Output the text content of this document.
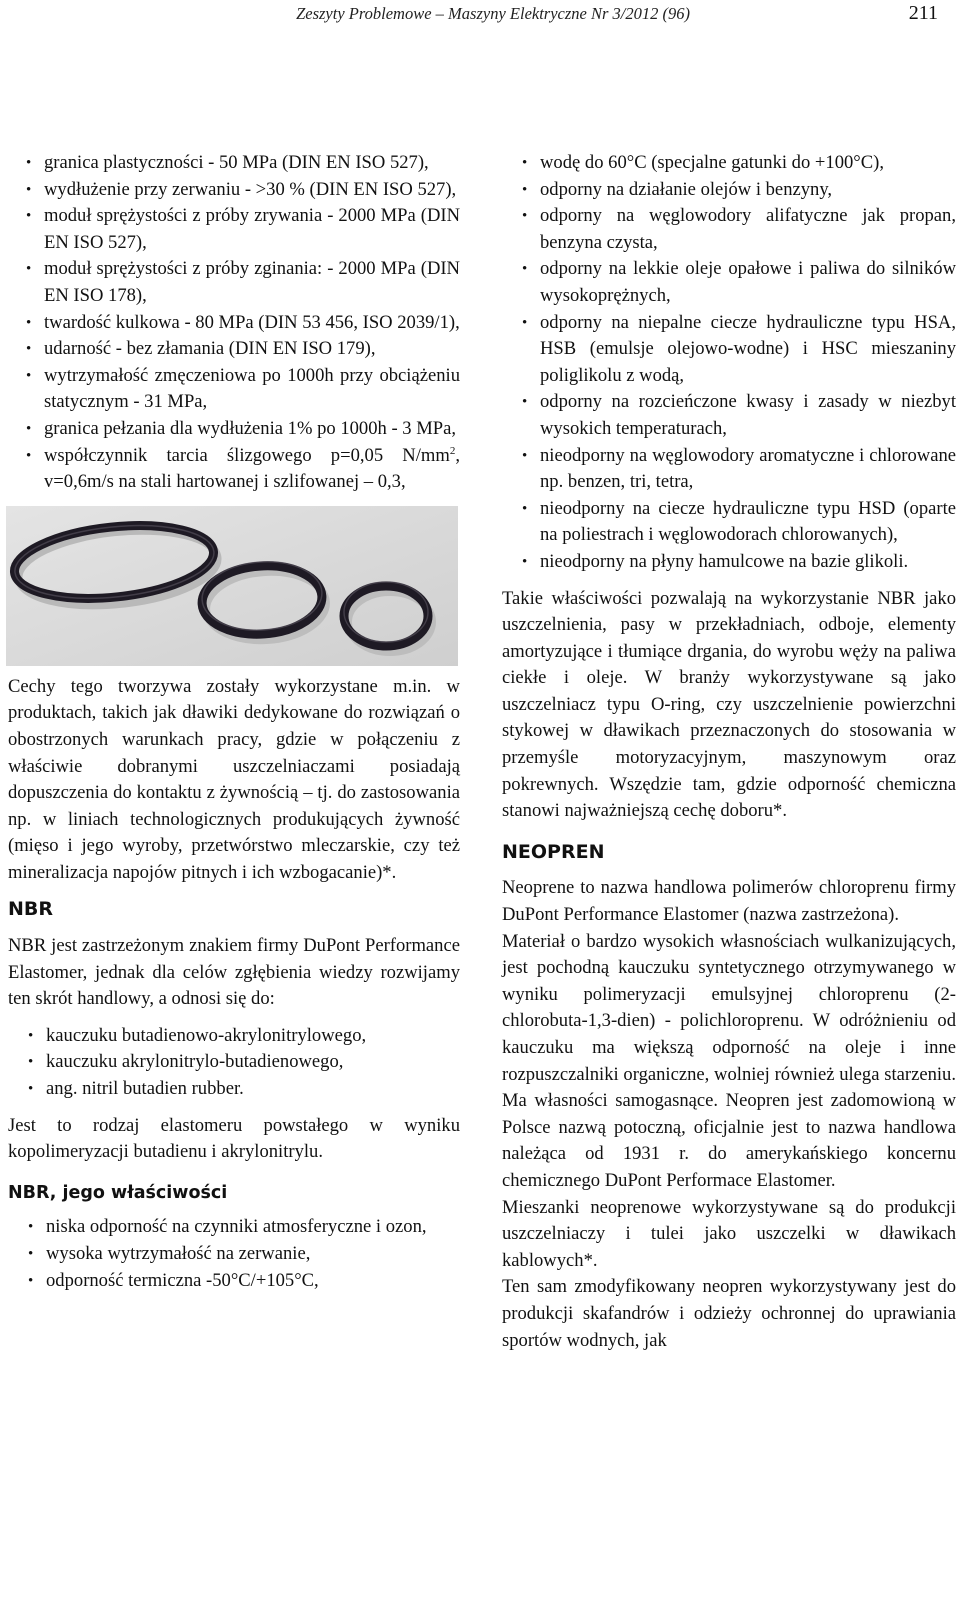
Zeszyty Problemowe – Maszyny Elektryczne Nr 3/2012 (96)	211
• granica plastyczności - 50 MPa (DIN EN ISO 527),
• wydłużenie przy zerwaniu - >30 % (DIN EN ISO 527),
• moduł sprężystości z próby zrywania - 2000 MPa (DIN EN ISO 527),
• moduł sprężystości z próby zginania: - 2000 MPa (DIN EN ISO 178),
• twardość kulkowa - 80 MPa (DIN 53 456, ISO 2039/1),
• udarność - bez złamania (DIN EN ISO 179),
• wytrzymałość zmęczeniowa po 1000h przy obciążeniu statycznym - 31 MPa,
• granica pełzania dla wydłużenia 1% po 1000h - 3 MPa,
• współczynnik tarcia ślizgowego p=0,05 $N/mm^2$, v=0,6m/s na stali hartowanej i szlifowanej – 0,3,

Cechy tego tworzywa zostały wykorzystane m.in. w produktach, takich jak dławiki dedykowane do rozwiązań o obostrzonych warunkach pracy, gdzie w połączeniu z właściwie dobranymi uszczelniaczami posiadają dopuszczenia do kontaktu z żywnością – tj. do zastosowania np. w liniach technologicznych produkujących żywność (mięso i jego wyroby, przetwórstwo mleczarskie, czy też mineralizacja napojów pitnych i ich wzbogacanie)*.

NBR

NBR jest zastrzeżonym znakiem firmy DuPont Performance Elastomer, jednak dla celów zgłębienia wiedzy rozwijamy ten skrót handlowy, a odnosi się do:

• kauczuku butadienowo-akrylonitrylowego,
• kauczuku akrylonitrylo-butadienowego,
• ang. nitril butadien rubber.

Jest to rodzaj elastomeru powstałego w wyniku kopolimeryzacji butadienu i akrylonitrylu.

NBR, jego właściwości
• niska odporność na czynniki atmosferyczne i ozon,
• wysoka wytrzymałość na zerwanie,
• odporność termiczna -50°C/+105°C,
• wodę do 60°C (specjalne gatunki do +100°C),
• odporny na działanie olejów i benzyny,
• odporny na węglowodory alifatyczne jak propan, benzyna czysta,
• odporny na lekkie oleje opałowe i paliwa do silników wysokoprężnych,
• odporny na niepalne ciecze hydrauliczne typu HSA, HSB (emulsje olejowo-wodne) i HSC mieszaniny poliglikolu z wodą,
• odporny na rozcieńczone kwasy i zasady w niezbyt wysokich temperaturach,
• nieodporny na węglowodory aromatyczne i chlorowane np. benzen, tri, tetra,
• nieodporny na ciecze hydrauliczne typu HSD (oparte na poliestrach i węglowodorach chlorowanych),
• nieodporny na płyny hamulcowe na bazie glikoli.

Takie właściwości pozwalają na wykorzystanie NBR jako uszczelnienia, pasy w przekładniach, odboje, elementy amortyzujące i tłumiące drgania, do wyrobu węży na paliwa ciekłe i oleje. W branży wykorzystywane są jako uszczelniacz typu O-ring, czy uszczelnienie powierzchni stykowej w dławikach przeznaczonych do stosowania w przemyśle motoryzacyjnym, maszynowym oraz pokrewnych. Wszędzie tam, gdzie odporność chemiczna stanowi najważniejszą cechę doboru*.

NEOPREN

Neoprene to nazwa handlowa polimerów chloroprenu firmy DuPont Performance Elastomer (nazwa zastrzeżona).

Materiał o bardzo wysokich własnościach wulkanizujących, jest pochodną kauczuku syntetycznego otrzymywanego w wyniku polimeryzacji emulsyjnej chloroprenu (2-chlorobuta-1,3-dien) - polichloroprenu. W odróżnieniu od kauczuku ma większą odporność na oleje i inne rozpuszczalniki organiczne, wolniej również ulega starzeniu. Ma własności samogasnące. Neopren jest zadomowioną w Polsce nazwą potoczną, oficjalnie jest to nazwa handlowa należąca od 1931 r. do amerykańskiego koncernu chemicznego DuPont Performace Elastomer.

Mieszanki neoprenowe wykorzystywane są do produkcji uszczelniaczy i tulei jako uszczelki w dławikach kablowych*.

Ten sam zmodyfikowany neopren wykorzystywany jest do produkcji skafandrów i odzieży ochronnej do uprawiania sportów wodnych, jak
